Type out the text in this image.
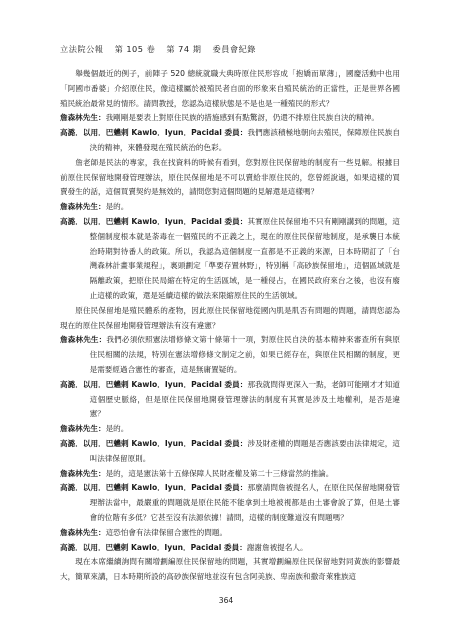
立法院公報 第 105 卷 第 74 期 委員會紀錄

舉幾個最近的例子，前陣子 520 總統就職大典時原住民形容成「抱嬌而單薄」，國慶活動中也用「阿國市番婆」介紹原住民，像這樣屬於被殖民者自面的形象來自殖民統治的正當性，正是世界各國殖民統治最常見的情形。請問教授，您認為這樣狀態是不是也是一種殖民的形式？

詹森林先生：我剛剛是要表上對原住民族的措施感到有點驚訝，仍還不排原住民族自決的精神。

高潞．以用．巴魕剌 Kawlo．Iyun．Pacidal 委員：我們應該積極地朝向去殖民，保障原住民族自決的精神，來體發現在殖民統治的色彩。

詹老師是民法的專家，我在找資料的時候有看到，您對原住民保留地的制度有一些見解。根據目前原住民保留地開發管理辦法，原住民保留地是不可以賣給非原住民的，您曾經說過，如果這樣的買賣發生的話，這個買賣契約是無效的，請問您對這個問題的見解還是這樣嗎？

詹森林先生：是的。

高潞．以用．巴魕剌 Kawlo．Iyun．Pacidal 委員：其實原住民保留地不只有剛剛講到的問題，這整個制度根本就是荼毒在一個殖民的不正義之上，現在的原住民保留地制度，是承襲日本統治時期對待番人的政策。所以，我認為這個制度一直都是不正義的來源，日本時期訂了「台灣森林計畫事業規程」，裏頭劃定「準要存置林野」，特別稱「高砂族保留地」，這個區域就是隔離政策，把原住民局縮在特定的生活區域，是一種侵占，在國民政府來台之後，也沒有廢止這樣的政策，還是延續這樣的做法來限縮原住民的生活領域。

原住民保留地是殖民體系的產物，因此原住民保留地從國內肌是肌否有問題的問題，請問您認為現在的原住民保留地開發管理辦法有沒有違憲？

詹森林先生：我們必須依照憲法增修條文第十條第十一項，對原住民自決的基本精神來審查所有與原住民相關的法規，特別在憲法增修條文制定之前，如果已經存在，與原住民相關的制度，更是需要經過合憲性的審查，這是無庸置疑的。

高潞．以用．巴魕剌 Kawlo．Iyun．Pacidal 委員：那我就問得更深入一點，老師可能剛才才知道這個歷史脈絡，但是原住民保留地開發管理辦法的制度有其實是涉及土地權利，是否是違憲？

詹森林先生：是的。

高潞．以用．巴魕剌 Kawlo．Iyun．Pacidal 委員：涉及財產權的問題是否應該要由法律規定，這叫法律保留原則。

詹森林先生：是的，這是憲法第十五條保障人民財產權及第二十三條當然的推論。

高潞．以用．巴魕剌 Kawlo．Iyun．Pacidal 委員：那麼請問詹被提名人，在原住民保留地開發管理辦法當中，最嚴重的問題就是原住民能不能拿到土地被視都是由土審會說了算，但是土審會的位階有多低？它甚至沒有法源依據！請問，這樣的制度難道沒有問題嗎？

詹森林先生：這恐怕會有法律保留合憲性的問題。

高潞．以用．巴魕剌 Kawlo．Iyun．Pacidal 委員：謝謝詹被提名人。

現在本席繼續詢問有關增劃編原住民保留地的問題，其實增劃編原住民保留地對同黃族的影響最大，簡單來講，日本時期所設的高砂族保留地並沒有包含阿美族、卑南族和撒奇萊雅族這

364
